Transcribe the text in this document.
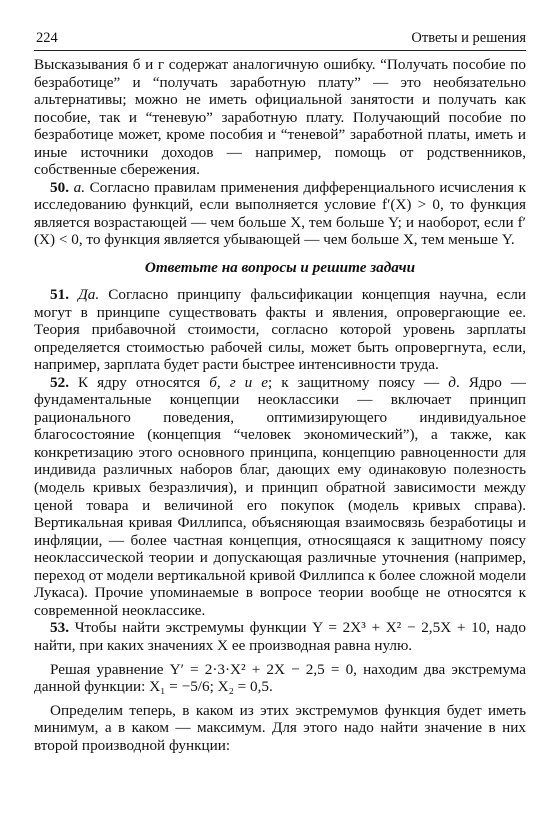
224	Ответы и решения

Высказывания б и г содержат аналогичную ошибку. “Получать пособие по безработице” и “получать заработную плату” — это необязательно альтернативы; можно не иметь официальной занятости и получать как пособие, так и “теневую” заработную плату. Получающий пособие по безработице может, кроме пособия и “теневой” заработной платы, иметь и иные источники доходов — например, помощь от родственников, собственные сбережения.

50. а. Согласно правилам применения дифференциального исчисления к исследованию функций, если выполняется условие f′(X) > 0, то функция является возрастающей — чем больше X, тем больше Y; и наоборот, если f′(X) < 0, то функция является убывающей — чем больше X, тем меньше Y.

Ответьте на вопросы и решите задачи

51. Да. Согласно принципу фальсификации концепция научна, если могут в принципе существовать факты и явления, опровергающие ее. Теория прибавочной стоимости, согласно которой уровень зарплаты определяется стоимостью рабочей силы, может быть опровергнута, если, например, зарплата будет расти быстрее интенсивности труда.

52. К ядру относятся б, г и е; к защитному поясу — д. Ядро — фундаментальные концепции неоклассики — включает принцип рационального поведения, оптимизирующего индивидуальное благосостояние (концепция “человек экономический”), а также, как конкретизацию этого основного принципа, концепцию равноценности для индивида различных наборов благ, дающих ему одинаковую полезность (модель кривых безразличия), и принцип обратной зависимости между ценой товара и величиной его покупок (модель кривых справа). Вертикальная кривая Филлипса, объясняющая взаимосвязь безработицы и инфляции, — более частная концепция, относящаяся к защитному поясу неоклассической теории и допускающая различные уточнения (например, переход от модели вертикальной кривой Филлипса к более сложной модели Лукаса). Прочие упоминаемые в вопросе теории вообще не относятся к современной неоклассике.

53. Чтобы найти экстремумы функции Y = 2X³ + X² − 2,5X + 10, надо найти, при каких значениях X ее производная равна нулю.

Решая уравнение Y′ = 2·3·X² + 2X − 2,5 = 0, находим два экстремума данной функции: X₁ = −5/6; X₂ = 0,5.

Определим теперь, в каком из этих экстремумов функция будет иметь минимум, а в каком — максимум. Для этого надо найти значение в них второй производной функции:
